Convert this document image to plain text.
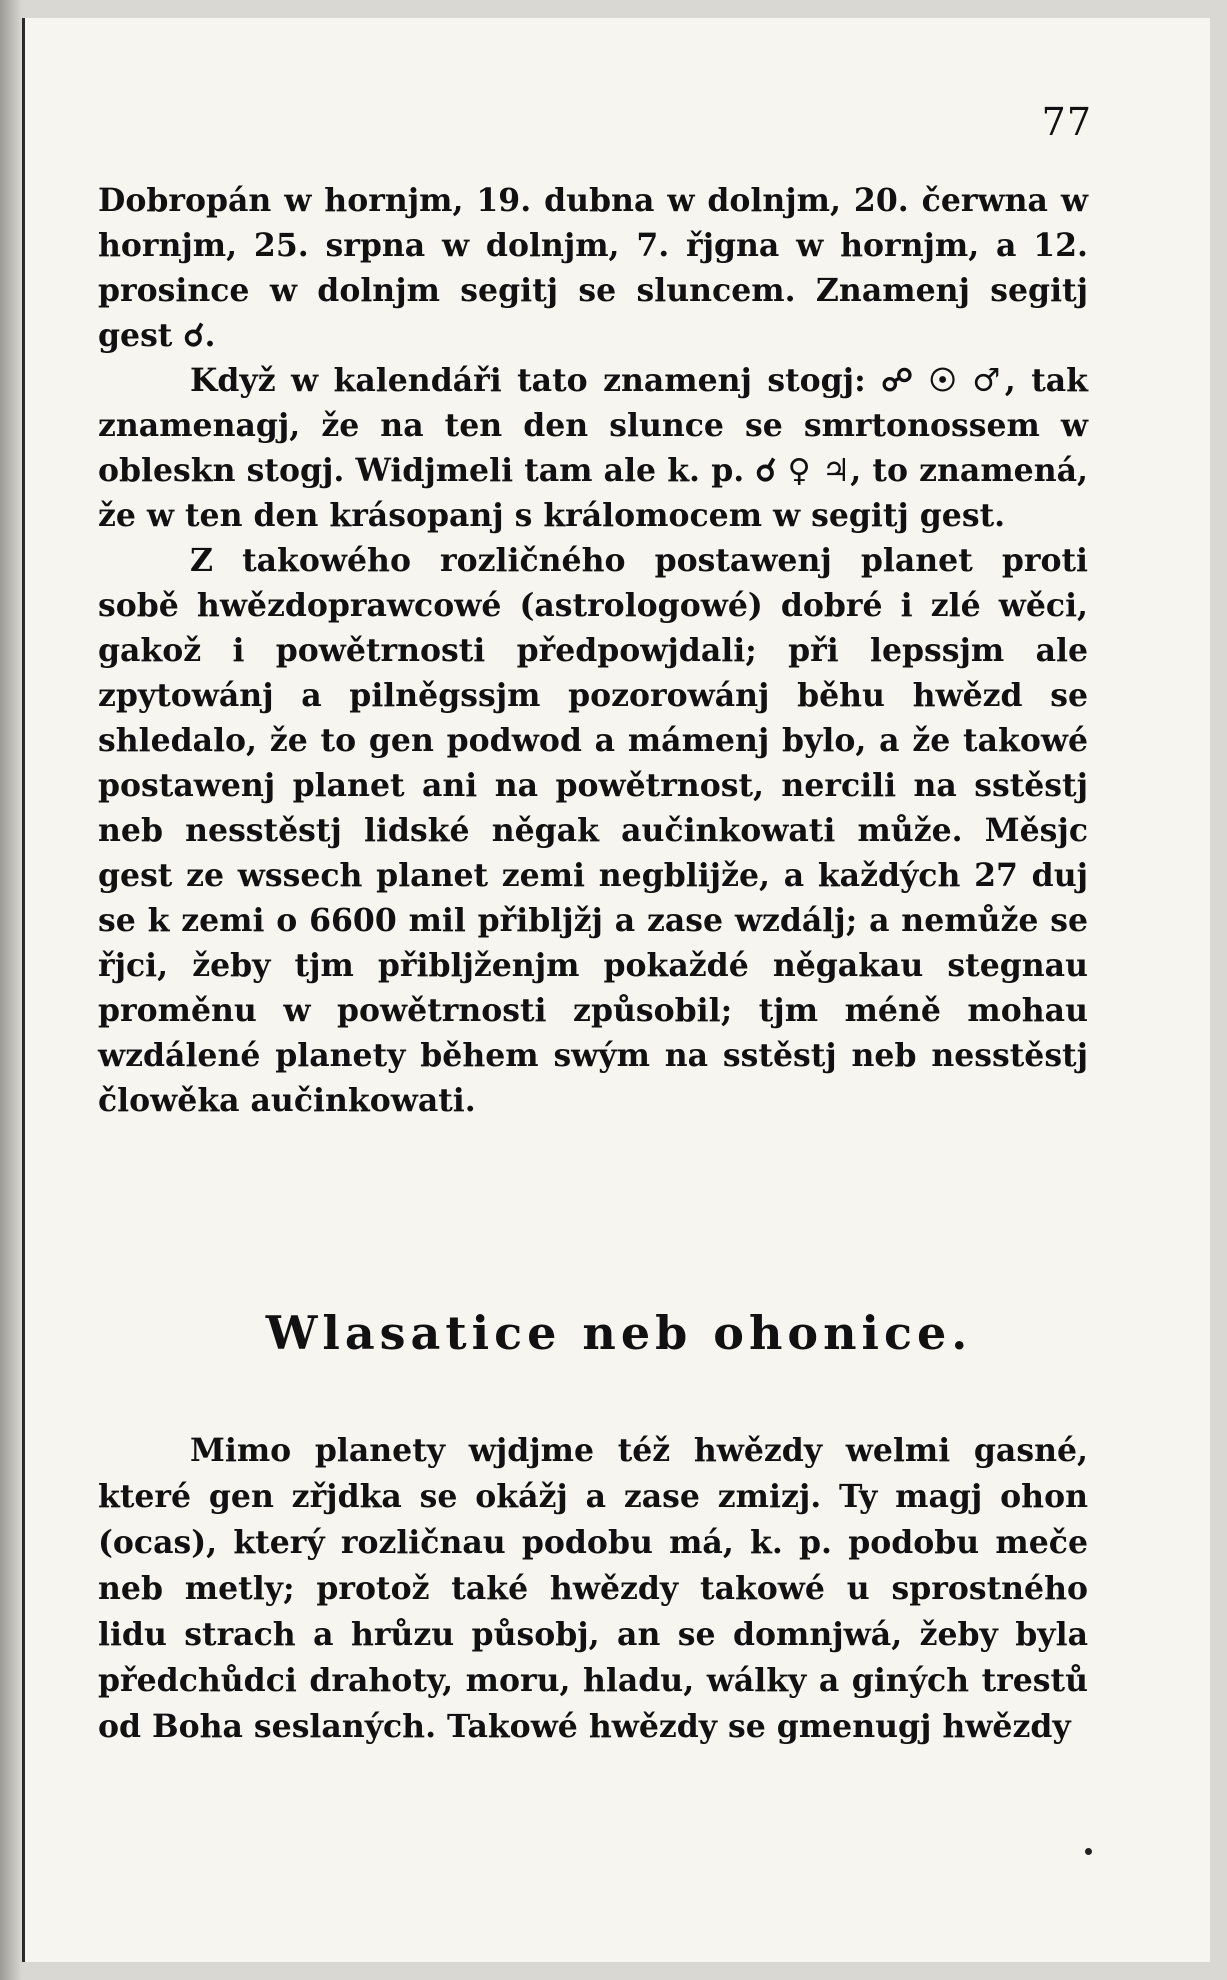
77

Dobropán w hornjm, 19. dubna w dolnjm, 20. čerwna w hornjm, 25. srpna w dolnjm, 7. řjgna w hornjm, a 12. prosince w dolnjm segitj se sluncem. Znamenj segitj gest ☌.

Když w kalendáři tato znamenj stogj: ☍ ☉ ♂, tak znamenagj, že na ten den slunce se smrtonossem w obleskn stogj. Widjmeli tam ale k. p. ☌ ♀ ♃, to znamená, že w ten den krásopanj s králomocem w segitj gest.

Z takowého rozličného postawenj planet proti sobě hwězdoprawcowé (astrologowé) dobré i zlé wěci, gakož i powětrnosti předpowjdali; při lepssjm ale zpytowánj a pilněgssjm pozorowánj běhu hwězd se shledalo, že to gen podwod a mámenj bylo, a že takowé postawenj planet ani na powětrnost, nercili na sstěstj neb nesstěstj lidské něgak aučinkowati může. Měsjc gest ze wssech planet zemi negblijže, a každých 27 duj se k zemi o 6600 mil přibljžj a zase wzdálj; a nemůže se řjci, žeby tjm přibljženjm pokaždé něgakau stegnau proměnu w powětrnosti způsobil; tjm méně mohau wzdálené planety během swým na sstěstj neb nesstěstj člowěka aučinkowati.

Wlasatice neb ohonice.

Mimo planety wjdjme též hwězdy welmi gasné, které gen zřjdka se okážj a zase zmizj. Ty magj ohon (ocas), který rozličnau podobu má, k. p. podobu meče neb metly; protož také hwězdy takowé u sprostného lidu strach a hrůzu působj, an se domnjwá, žeby byla předchůdci drahoty, moru, hladu, wálky a giných trestů od Boha seslaných. Takowé hwězdy se gmenugj hwězdy
